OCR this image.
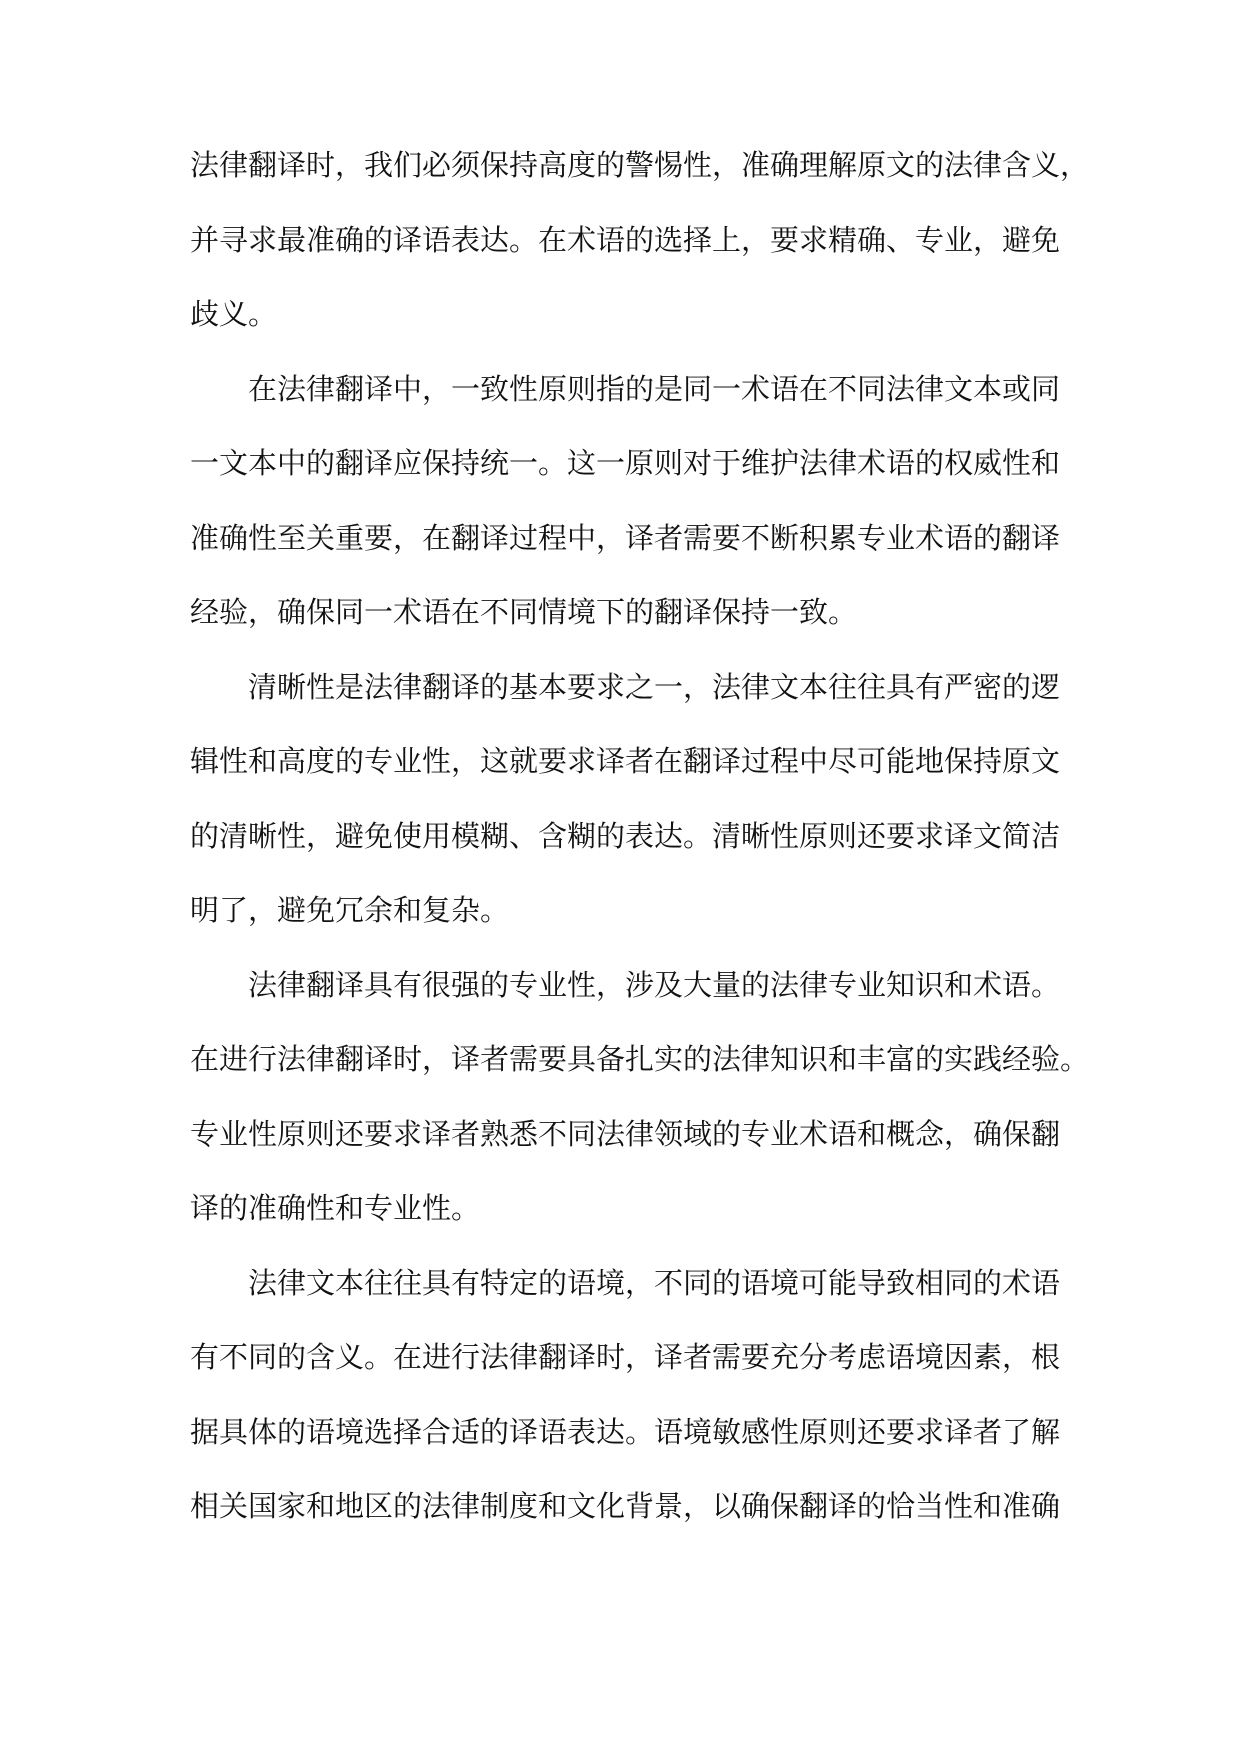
法律翻译时，我们必须保持高度的警惕性，准确理解原文的法律含义，
并寻求最准确的译语表达。在术语的选择上，要求精确、专业，避免
歧义。
在法律翻译中，一致性原则指的是同一术语在不同法律文本或同
一文本中的翻译应保持统一。这一原则对于维护法律术语的权威性和
准确性至关重要，在翻译过程中，译者需要不断积累专业术语的翻译
经验，确保同一术语在不同情境下的翻译保持一致。
清晰性是法律翻译的基本要求之一，法律文本往往具有严密的逻
辑性和高度的专业性，这就要求译者在翻译过程中尽可能地保持原文
的清晰性，避免使用模糊、含糊的表达。清晰性原则还要求译文简洁
明了，避免冗余和复杂。
法律翻译具有很强的专业性，涉及大量的法律专业知识和术语。
在进行法律翻译时，译者需要具备扎实的法律知识和丰富的实践经验。
专业性原则还要求译者熟悉不同法律领域的专业术语和概念，确保翻
译的准确性和专业性。
法律文本往往具有特定的语境，不同的语境可能导致相同的术语
有不同的含义。在进行法律翻译时，译者需要充分考虑语境因素，根
据具体的语境选择合适的译语表达。语境敏感性原则还要求译者了解
相关国家和地区的法律制度和文化背景，以确保翻译的恰当性和准确
